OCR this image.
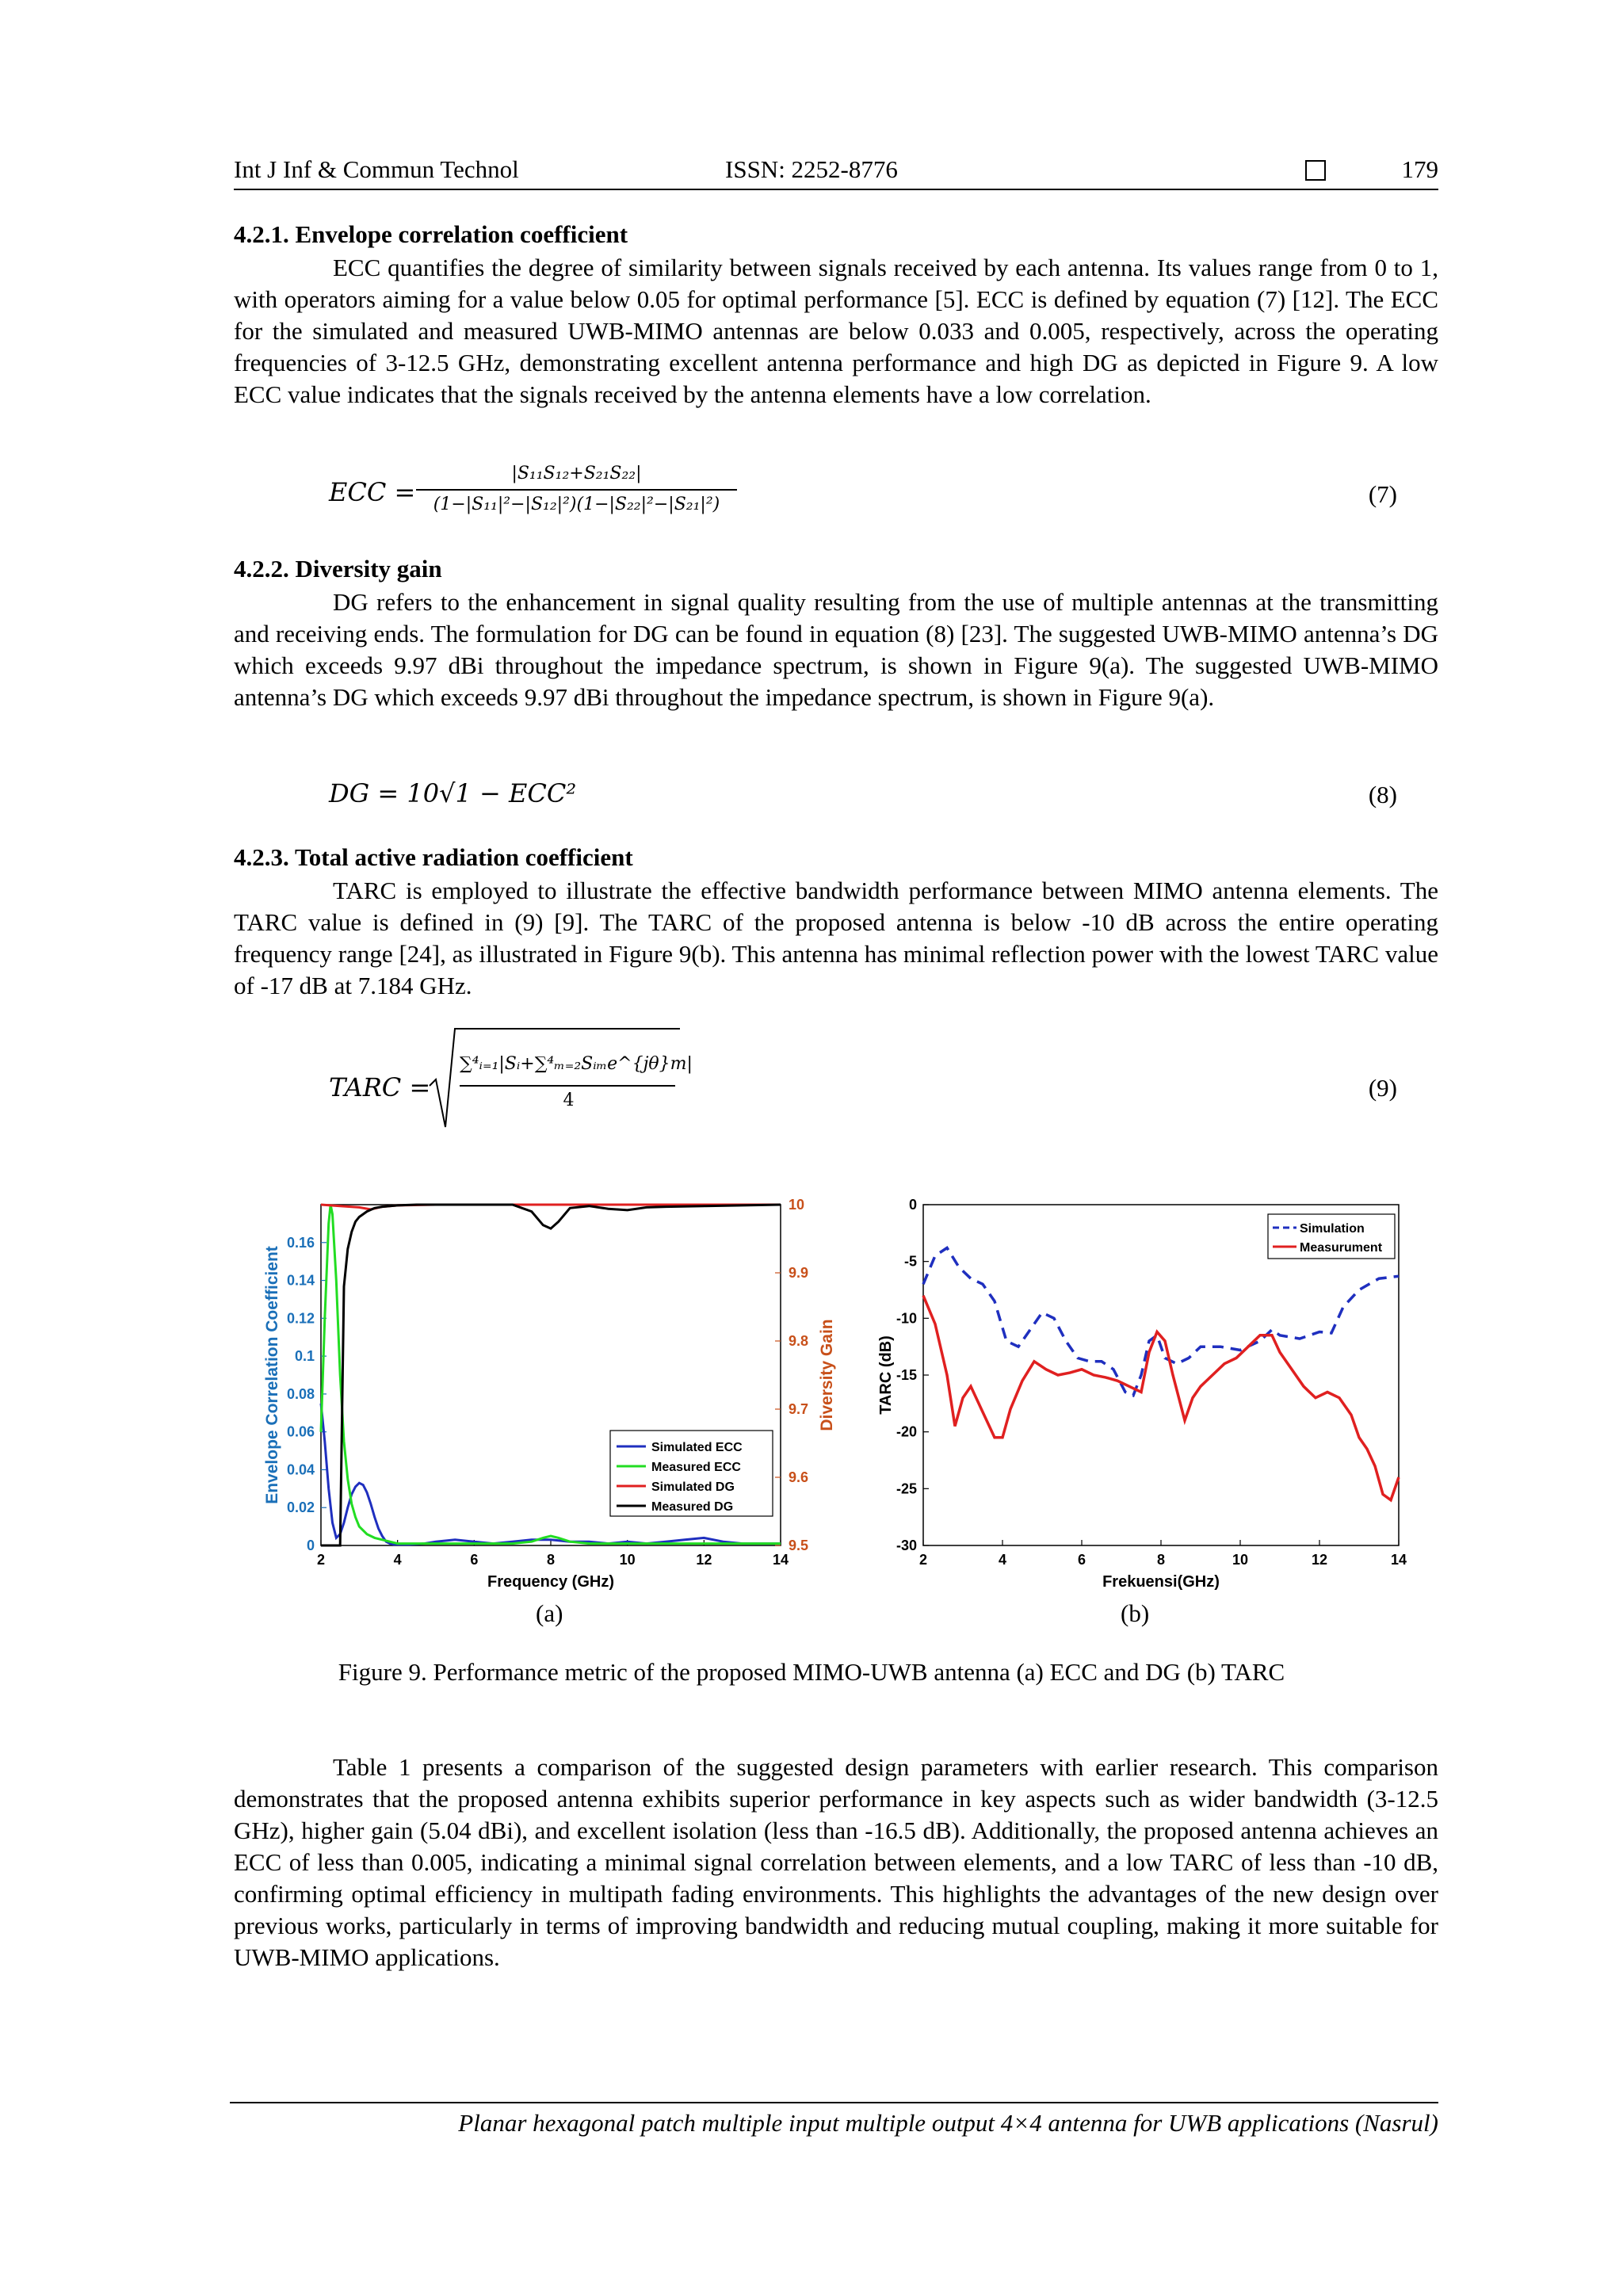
Int J Inf & Commun Technol	ISSN: 2252-8776	179
4.2.1. Envelope correlation coefficient
ECC quantifies the degree of similarity between signals received by each antenna. Its values range from 0 to 1, with operators aiming for a value below 0.05 for optimal performance [5]. ECC is defined by equation (7) [12]. The ECC for the simulated and measured UWB-MIMO antennas are below 0.033 and 0.005, respectively, across the operating frequencies of 3-12.5 GHz, demonstrating excellent antenna performance and high DG as depicted in Figure 9. A low ECC value indicates that the signals received by the antenna elements have a low correlation.
ECC =
|S₁₁S₁₂+S₂₁S₂₂|
(1−|S₁₁|²−|S₁₂|²)(1−|S₂₂|²−|S₂₁|²)	(7)
4.2.2. Diversity gain
DG refers to the enhancement in signal quality resulting from the use of multiple antennas at the transmitting and receiving ends. The formulation for DG can be found in equation (8) [23]. The suggested UWB-MIMO antenna’s DG which exceeds 9.97 dBi throughout the impedance spectrum, is shown in Figure 9(a). The suggested UWB-MIMO antenna’s DG which exceeds 9.97 dBi throughout the impedance spectrum, is shown in Figure 9(a).
DG = 10√1 − ECC²	(8)
4.2.3. Total active radiation coefficient
TARC is employed to illustrate the effective bandwidth performance between MIMO antenna elements. The TARC value is defined in (9) [9]. The TARC of the proposed antenna is below -10 dB across the entire operating frequency range [24], as illustrated in Figure 9(b). This antenna has minimal reflection power with the lowest TARC value of -17 dB at 7.184 GHz.
TARC =
∑⁴ᵢ₌₁|Sᵢ+∑⁴ₘ₌₂Sᵢₘe^{jθ}m|
4	(9)
2	4	6	8	10	12	14
0
0.02
0.04
0.06
0.08
0.1
0.12
0.14
0.16
9.5
9.6
9.7
9.8
9.9
10
Frequency (GHz)
Envelope Correlation Coefficient	Diversity Gain
Simulated ECC
Measured ECC
Simulated DG
Measured DG
2	4	6	8	10	12	14
0
-5
-10
-15
-20
-25
-30
Frekuensi(GHz)
TARC (dB)
Simulation
Measurument
(a)	(b)
Figure 9. Performance metric of the proposed MIMO-UWB antenna (a) ECC and DG (b) TARC
Table 1 presents a comparison of the suggested design parameters with earlier research. This comparison demonstrates that the proposed antenna exhibits superior performance in key aspects such as wider bandwidth (3-12.5 GHz), higher gain (5.04 dBi), and excellent isolation (less than -16.5 dB). Additionally, the proposed antenna achieves an ECC of less than 0.005, indicating a minimal signal correlation between elements, and a low TARC of less than -10 dB, confirming optimal efficiency in multipath fading environments. This highlights the advantages of the new design over previous works, particularly in terms of improving bandwidth and reducing mutual coupling, making it more suitable for UWB-MIMO applications.
Planar hexagonal patch multiple input multiple output 4×4 antenna for UWB applications (Nasrul)
